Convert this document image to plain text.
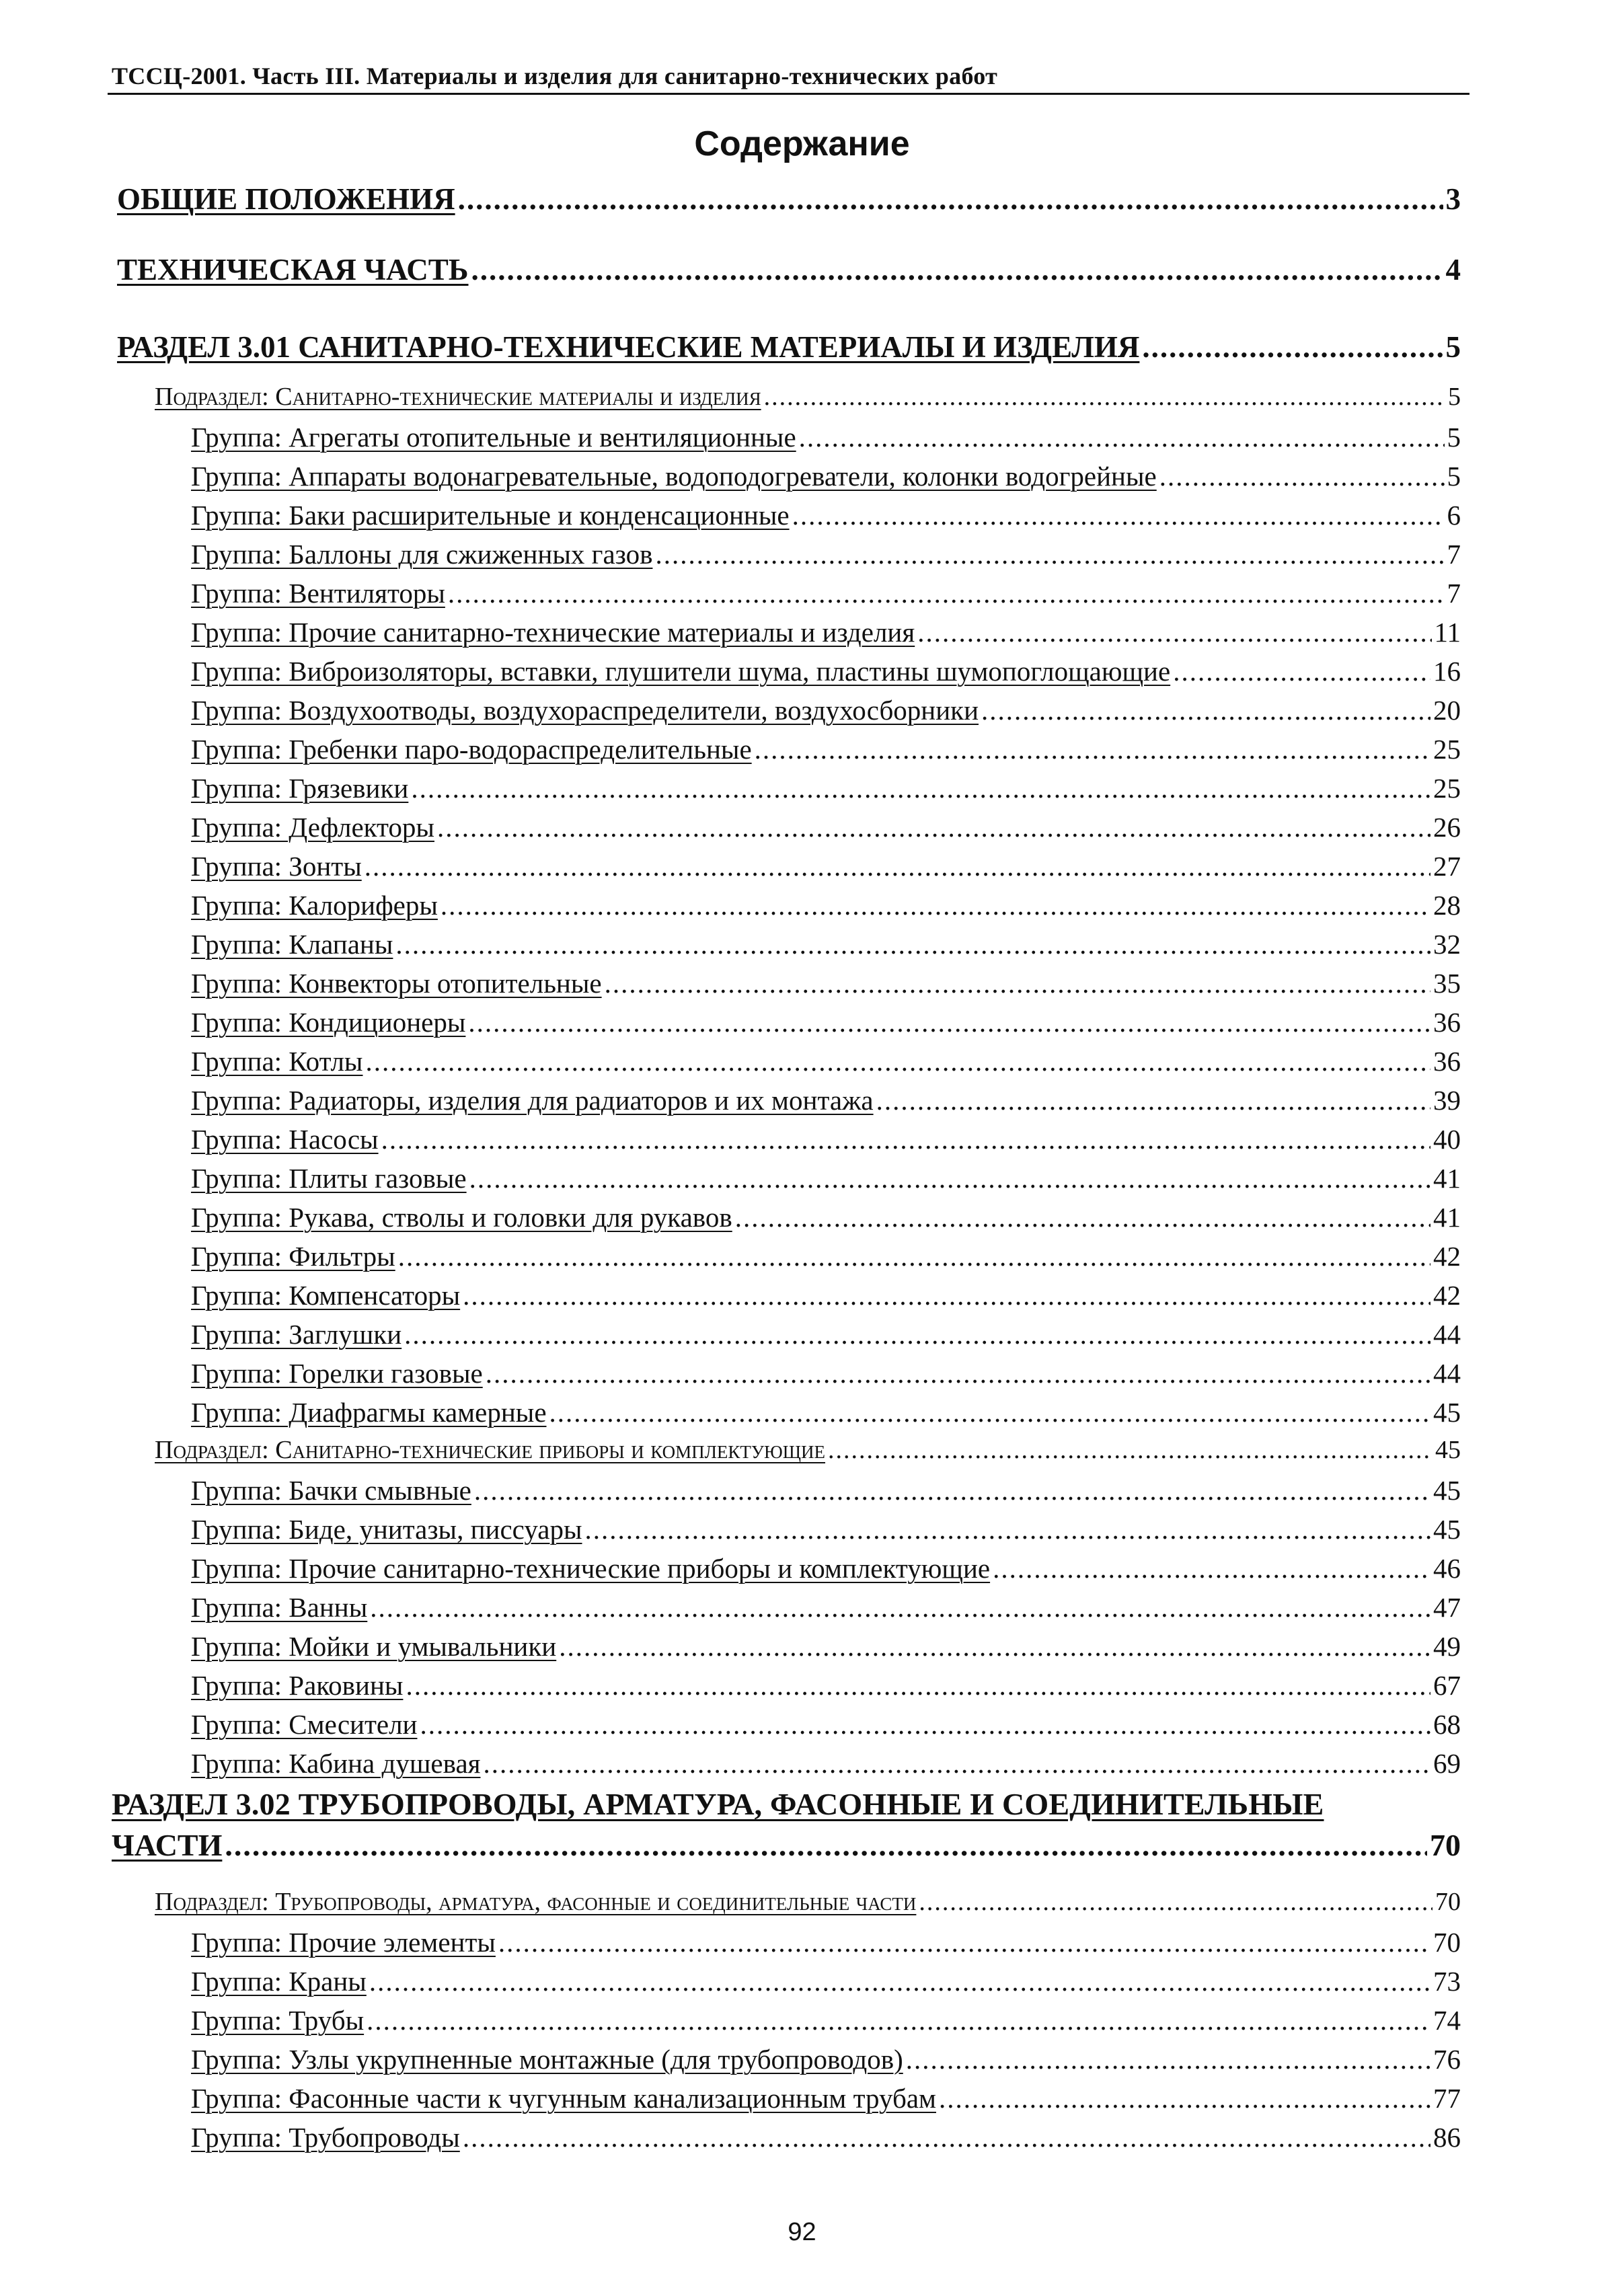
ТССЦ-2001. Часть III. Материалы и изделия для санитарно-технических работ
Содержание
ОБЩИЕ ПОЛОЖЕНИЯ .....	3
ТЕХНИЧЕСКАЯ ЧАСТЬ .....	4
РАЗДЕЛ 3.01 САНИТАРНО-ТЕХНИЧЕСКИЕ МАТЕРИАЛЫ И ИЗДЕЛИЯ .....	5
Подраздел: Санитарно-технические материалы и изделия .....	5
Группа: Агрегаты отопительные и вентиляционные .....	5
Группа: Аппараты водонагревательные, водоподогреватели, колонки водогрейные .....	5
Группа: Баки расширительные и конденсационные .....	6
Группа: Баллоны для сжиженных газов .....	7
Группа: Вентиляторы .....	7
Группа: Прочие санитарно-технические материалы и изделия .....	11
Группа: Виброизоляторы, вставки, глушители шума, пластины шумопоглощающие .....	16
Группа: Воздухоотводы, воздухораспределители, воздухосборники .....	20
Группа: Гребенки паро-водораспределительные .....	25
Группа: Грязевики .....	25
Группа: Дефлекторы .....	26
Группа: Зонты .....	27
Группа: Калориферы .....	28
Группа: Клапаны .....	32
Группа: Конвекторы отопительные .....	35
Группа: Кондиционеры .....	36
Группа: Котлы .....	36
Группа: Радиаторы, изделия для радиаторов и их монтажа .....	39
Группа: Насосы .....	40
Группа: Плиты газовые .....	41
Группа: Рукава, стволы и головки для рукавов .....	41
Группа: Фильтры .....	42
Группа: Компенсаторы .....	42
Группа: Заглушки .....	44
Группа: Горелки газовые .....	44
Группа: Диафрагмы камерные .....	45
Подраздел: Санитарно-технические приборы и комплектующие .....	45
Группа: Бачки смывные .....	45
Группа: Биде, унитазы, писсуары .....	45
Группа: Прочие санитарно-технические приборы и комплектующие .....	46
Группа: Ванны .....	47
Группа: Мойки и умывальники .....	49
Группа: Раковины .....	67
Группа: Смесители .....	68
Группа: Кабина душевая .....	69
РАЗДЕЛ 3.02 ТРУБОПРОВОДЫ, АРМАТУРА, ФАСОННЫЕ И СОЕДИНИТЕЛЬНЫЕ
ЧАСТИ .....	70
Подраздел: Трубопроводы, арматура, фасонные и соединительные части .....	70
Группа: Прочие элементы .....	70
Группа: Краны .....	73
Группа: Трубы .....	74
Группа: Узлы укрупненные монтажные (для трубопроводов) .....	76
Группа: Фасонные части к чугунным канализационным трубам .....	77
Группа: Трубопроводы .....	86
92
